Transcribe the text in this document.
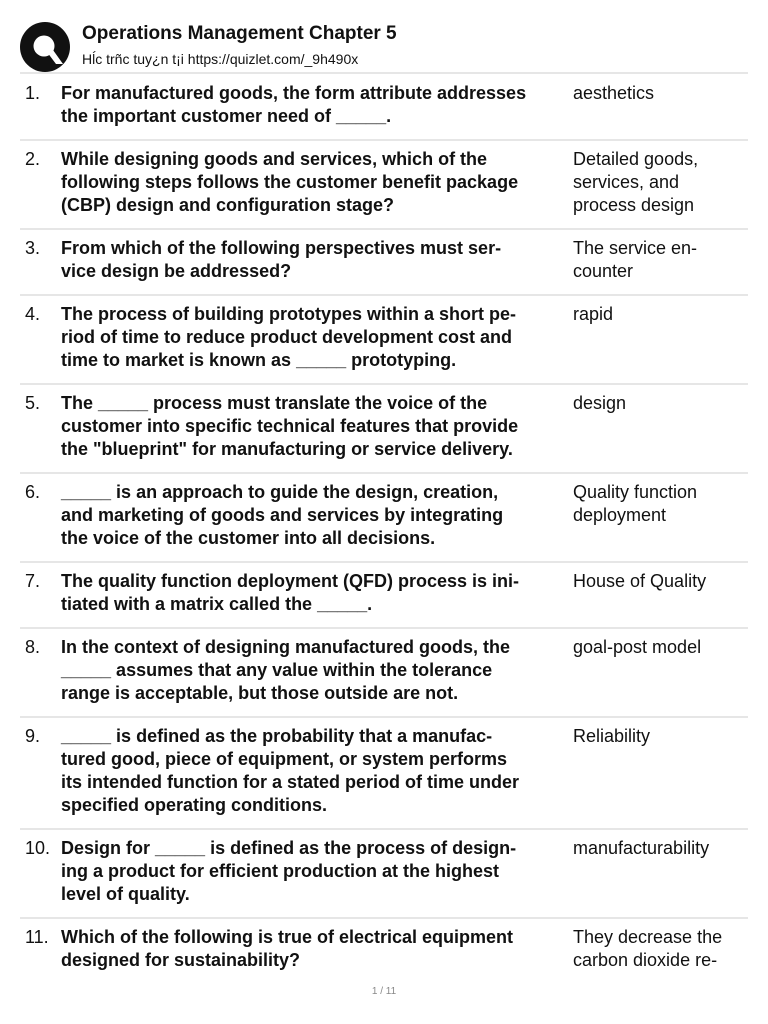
Operations Management Chapter 5
Hĺc trñc tuy¿n t¡i https://quizlet.com/_9h490x
1. For manufactured goods, the form attribute addresses
the important customer need of _____.
aesthetics
2. While designing goods and services, which of the
following steps follows the customer benefit package
(CBP) design and configuration stage?
Detailed goods,
services, and
process design
3. From which of the following perspectives must ser-
vice design be addressed?
The service en-
counter
4. The process of building prototypes within a short pe-
riod of time to reduce product development cost and
time to market is known as _____ prototyping.
rapid
5. The _____ process must translate the voice of the
customer into specific technical features that provide
the "blueprint" for manufacturing or service delivery.
design
6. _____ is an approach to guide the design, creation,
and marketing of goods and services by integrating
the voice of the customer into all decisions.
Quality function
deployment
7. The quality function deployment (QFD) process is ini-
tiated with a matrix called the _____.
House of Quality
8. In the context of designing manufactured goods, the
_____ assumes that any value within the tolerance
range is acceptable, but those outside are not.
goal-post model
9. _____ is defined as the probability that a manufac-
tured good, piece of equipment, or system performs
its intended function for a stated period of time under
specified operating conditions.
Reliability
10. Design for _____ is defined as the process of design-
ing a product for efficient production at the highest
level of quality.
manufacturability
11. Which of the following is true of electrical equipment
designed for sustainability?
They decrease the
carbon dioxide re-
1 / 11
